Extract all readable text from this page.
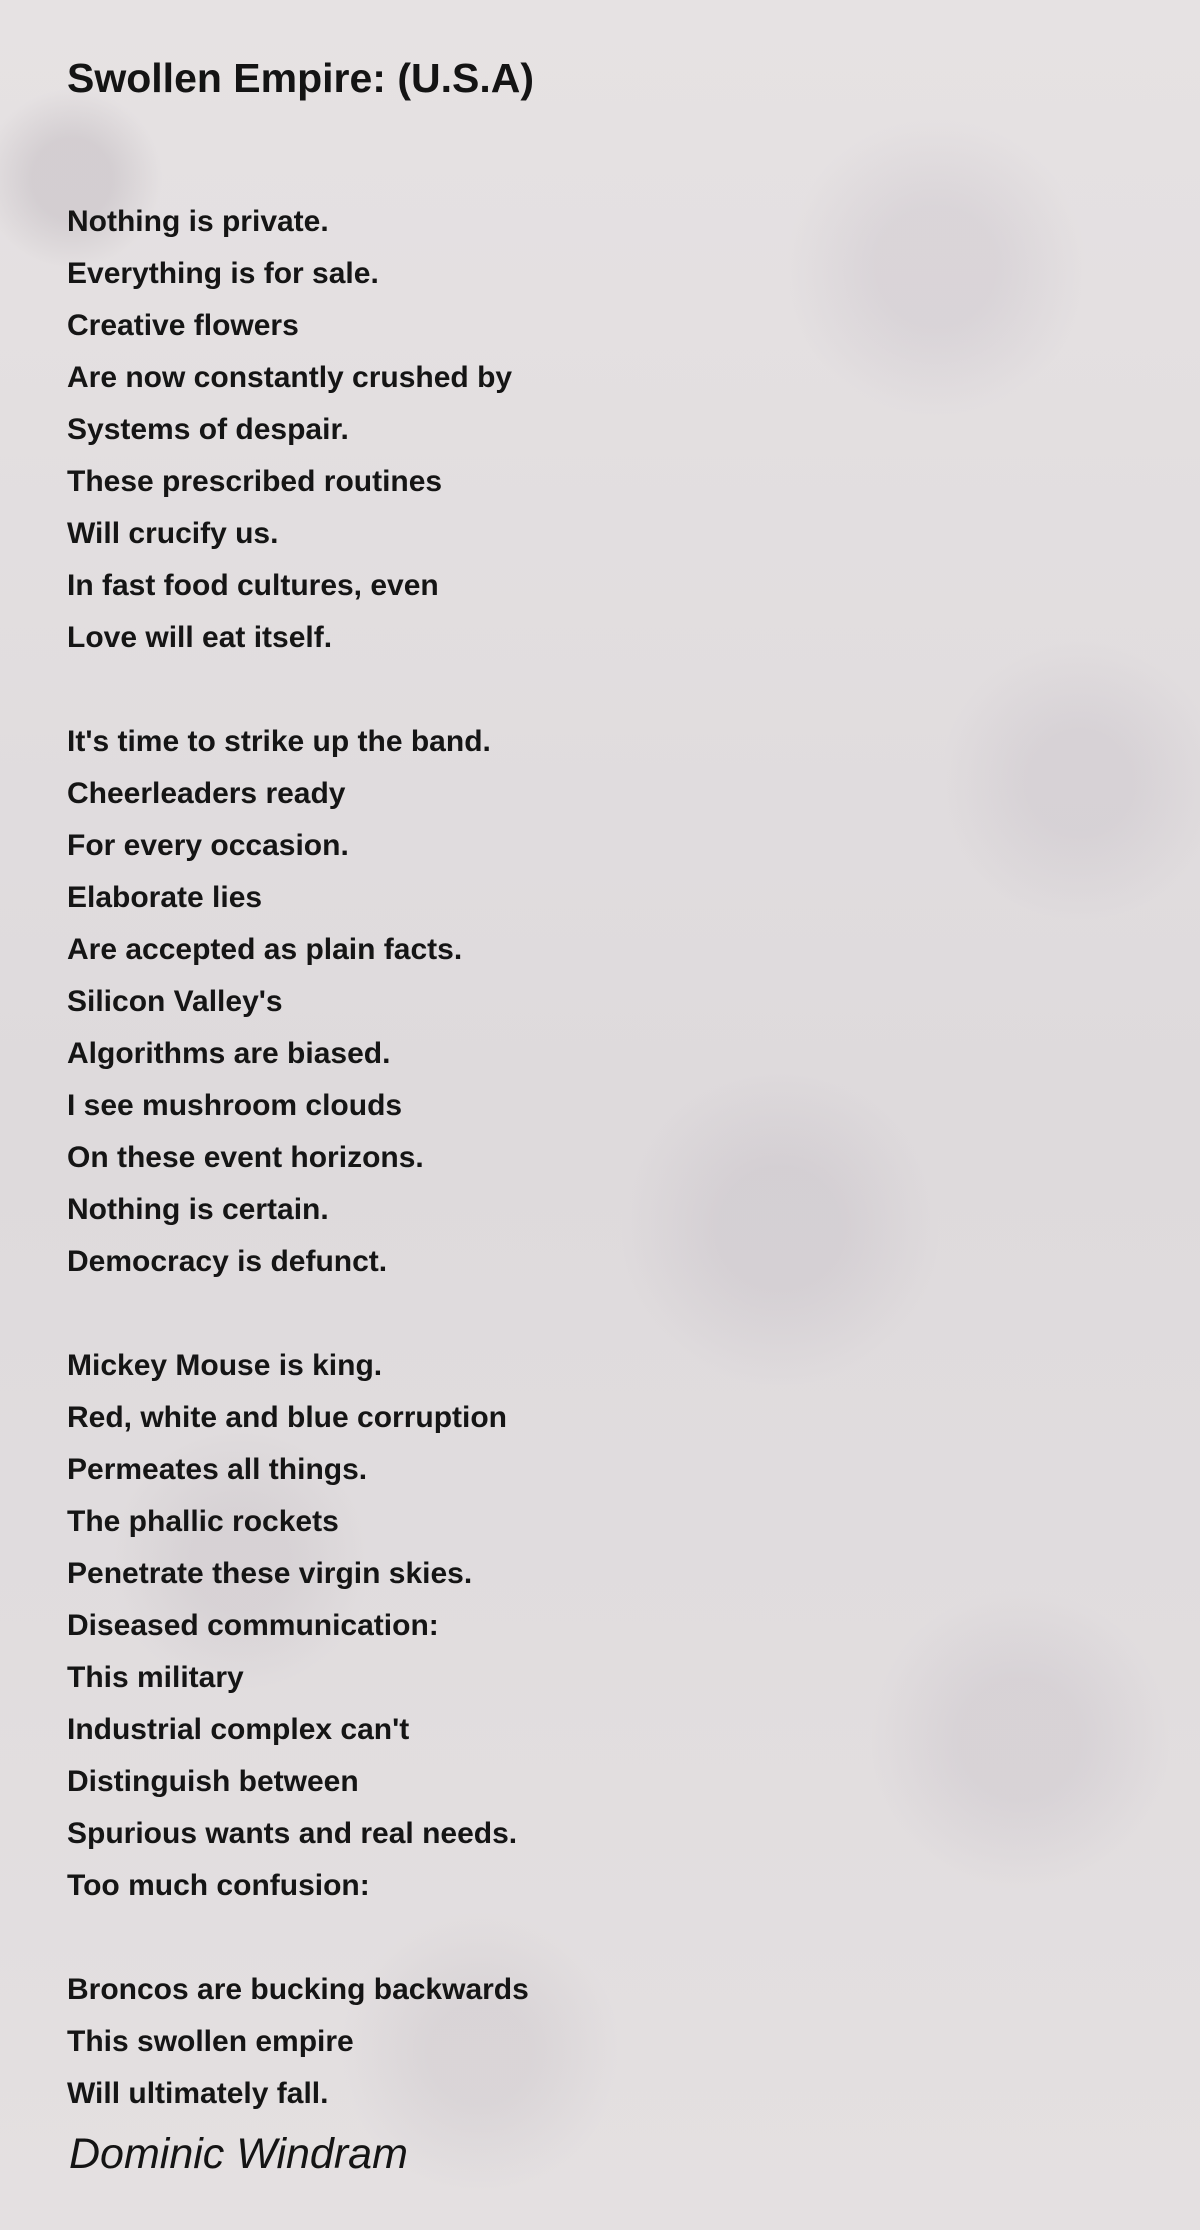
Swollen Empire: (U.S.A)
Nothing is private.
Everything is for sale.
Creative flowers
Are now constantly crushed by
Systems of despair.
These prescribed routines
Will crucify us.
In fast food cultures, even
Love will eat itself.
It's time to strike up the band.
Cheerleaders ready
For every occasion.
Elaborate lies
Are accepted as plain facts.
Silicon Valley's
Algorithms are biased.
I see mushroom clouds
On these event horizons.
Nothing is certain.
Democracy is defunct.
Mickey Mouse is king.
Red, white and blue corruption
Permeates all things.
The phallic rockets
Penetrate these virgin skies.
Diseased communication:
This military
Industrial complex can't
Distinguish between
Spurious wants and real needs.
Too much confusion:
Broncos are bucking backwards
This swollen empire
Will ultimately fall.
Dominic Windram
